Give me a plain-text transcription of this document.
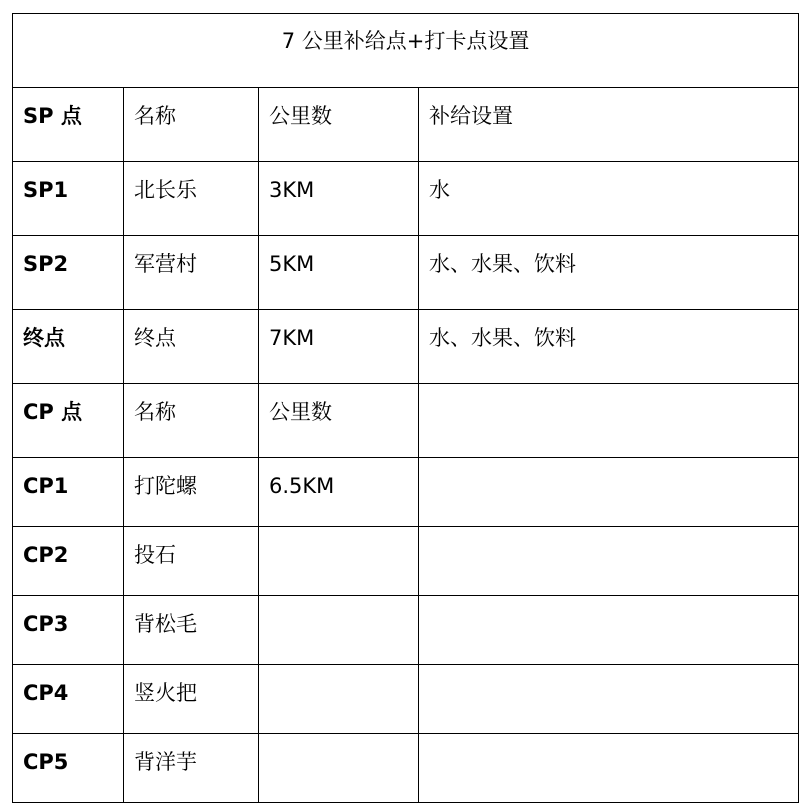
7 公里补给点+打卡点设置			
SP 点	名称	公里数	补给设置
SP1	北长乐	3KM	水
SP2	军营村	5KM	水、水果、饮料
终点	终点	7KM	水、水果、饮料
CP 点	名称	公里数	
CP1	打陀螺	6.5KM	
CP2	投石		
CP3	背松毛		
CP4	竖火把		
CP5	背洋芋		
